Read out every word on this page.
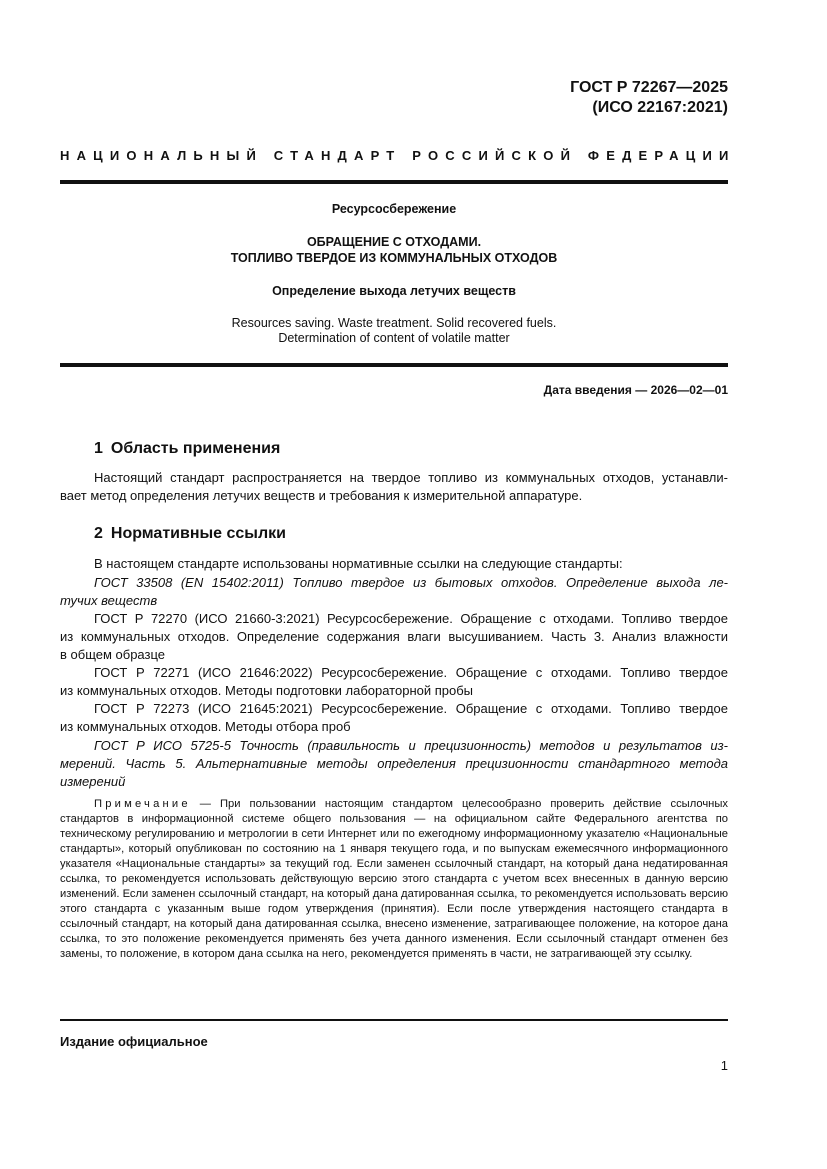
ГОСТ Р 72267—2025
(ИСО 22167:2021)
НАЦИОНАЛЬНЫЙ СТАНДАРТ РОССИЙСКОЙ ФЕДЕРАЦИИ
Ресурсосбережение
ОБРАЩЕНИЕ С ОТХОДАМИ.
ТОПЛИВО ТВЕРДОЕ ИЗ КОММУНАЛЬНЫХ ОТХОДОВ
Определение выхода летучих веществ
Resources saving. Waste treatment. Solid recovered fuels.
Determination of content of volatile matter
Дата введения — 2026—02—01
1 Область применения
Настоящий стандарт распространяется на твердое топливо из коммунальных отходов, устанавли-
вает метод определения летучих веществ и требования к измерительной аппаратуре.
2 Нормативные ссылки
В настоящем стандарте использованы нормативные ссылки на следующие стандарты:
ГОСТ 33508 (EN 15402:2011) Топливо твердое из бытовых отходов. Определение выхода ле-
тучих веществ
ГОСТ Р 72270 (ИСО 21660-3:2021) Ресурсосбережение. Обращение с отходами. Топливо твердое
из коммунальных отходов. Определение содержания влаги высушиванием. Часть 3. Анализ влажности
в общем образце
ГОСТ Р 72271 (ИСО 21646:2022) Ресурсосбережение. Обращение с отходами. Топливо твердое
из коммунальных отходов. Методы подготовки лабораторной пробы
ГОСТ Р 72273 (ИСО 21645:2021) Ресурсосбережение. Обращение с отходами. Топливо твердое
из коммунальных отходов. Методы отбора проб
ГОСТ Р ИСО 5725-5 Точность (правильность и прецизионность) методов и результатов из-
мерений. Часть 5. Альтернативные методы определения прецизионности стандартного метода
измерений
Примечание — При пользовании настоящим стандартом целесообразно проверить действие ссылочных стандартов в информационной системе общего пользования — на официальном сайте Федерального агентства по техническому регулированию и метрологии в сети Интернет или по ежегодному информационному указателю «Национальные стандарты», который опубликован по состоянию на 1 января текущего года, и по выпускам ежемесячного информационного указателя «Национальные стандарты» за текущий год. Если заменен ссылочный стандарт, на который дана недатированная ссылка, то рекомендуется использовать действующую версию этого стандарта с учетом всех внесенных в данную версию изменений. Если заменен ссылочный стандарт, на который дана датированная ссылка, то рекомендуется использовать версию этого стандарта с указанным выше годом утверждения (принятия). Если после утверждения настоящего стандарта в ссылочный стандарт, на который дана датированная ссылка, внесено изменение, затрагивающее положение, на которое дана ссылка, то это положение рекомендуется применять без учета данного изменения. Если ссылочный стандарт отменен без замены, то положение, в котором дана ссылка на него, рекомендуется применять в части, не затрагивающей эту ссылку.
Издание официальное
1
